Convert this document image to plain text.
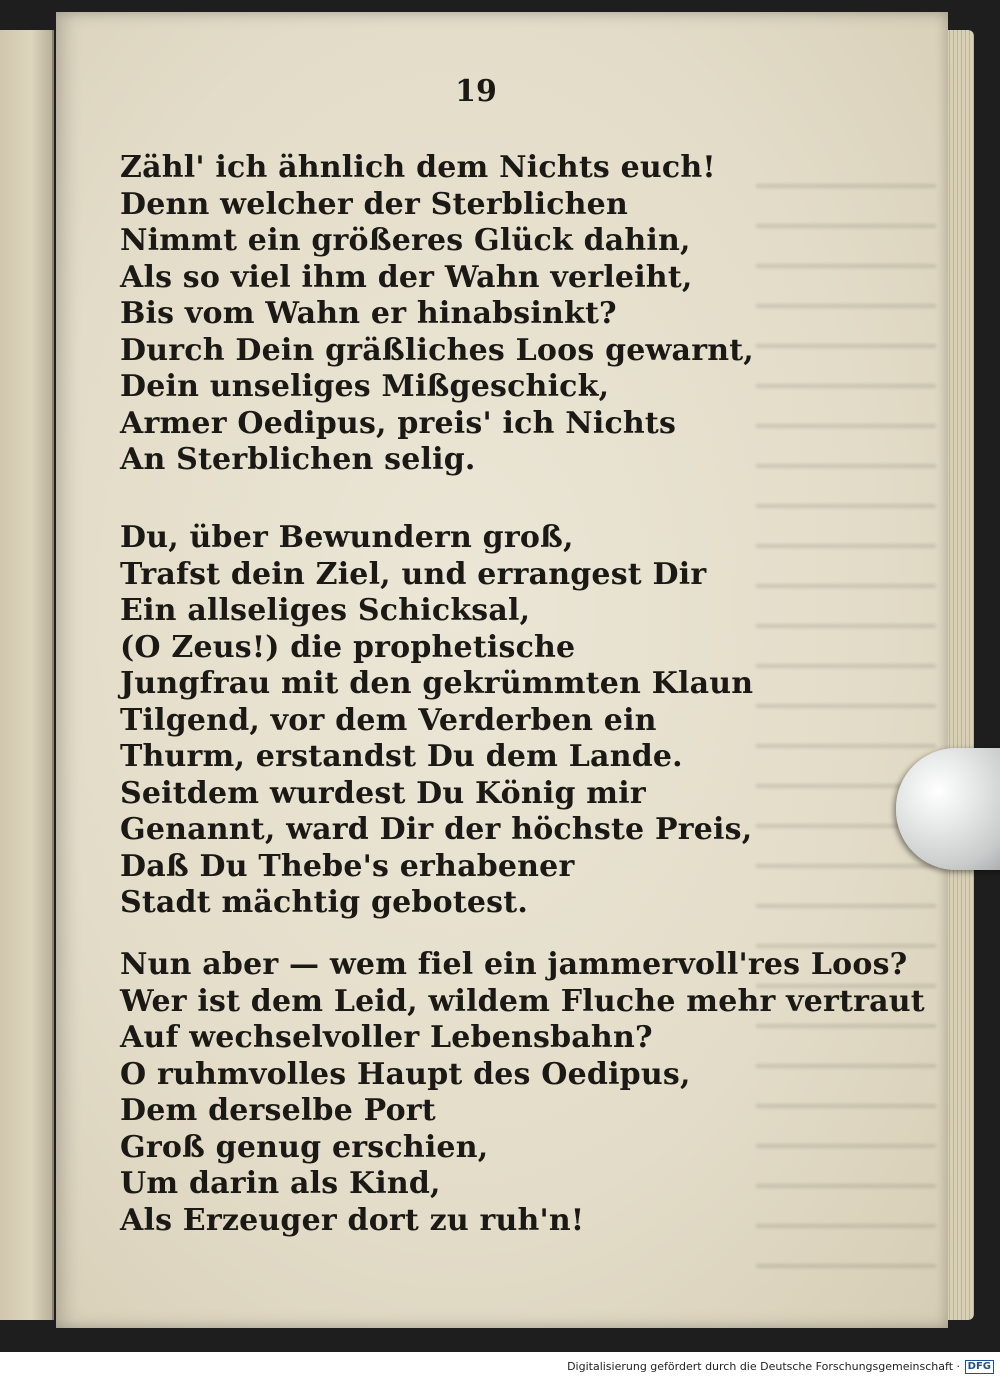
19
Zähl' ich ähnlich dem Nichts euch!
Denn welcher der Sterblichen
Nimmt ein größeres Glück dahin,
Als so viel ihm der Wahn verleiht,
Bis vom Wahn er hinabsinkt?
Durch Dein gräßliches Loos gewarnt,
Dein unseliges Mißgeschick,
Armer Oedipus, preis' ich Nichts
An Sterblichen selig.
Du, über Bewundern groß,
Trafst dein Ziel, und errangest Dir
Ein allseliges Schicksal,
(O Zeus!) die prophetische
Jungfrau mit den gekrümmten Klaun
Tilgend, vor dem Verderben ein
Thurm, erstandst Du dem Lande.
Seitdem wurdest Du König mir
Genannt, ward Dir der höchste Preis,
Daß Du Thebe's erhabener
Stadt mächtig gebotest.
Nun aber — wem fiel ein jammervoll'res Loos?
Wer ist dem Leid, wildem Fluche mehr vertraut
Auf wechselvoller Lebensbahn?
O ruhmvolles Haupt des Oedipus,
Dem derselbe Port
Groß genug erschien,
Um darin als Kind,
Als Erzeuger dort zu ruh'n!
Digitalisierung gefördert durch die Deutsche Forschungsgemeinschaft · DFG
